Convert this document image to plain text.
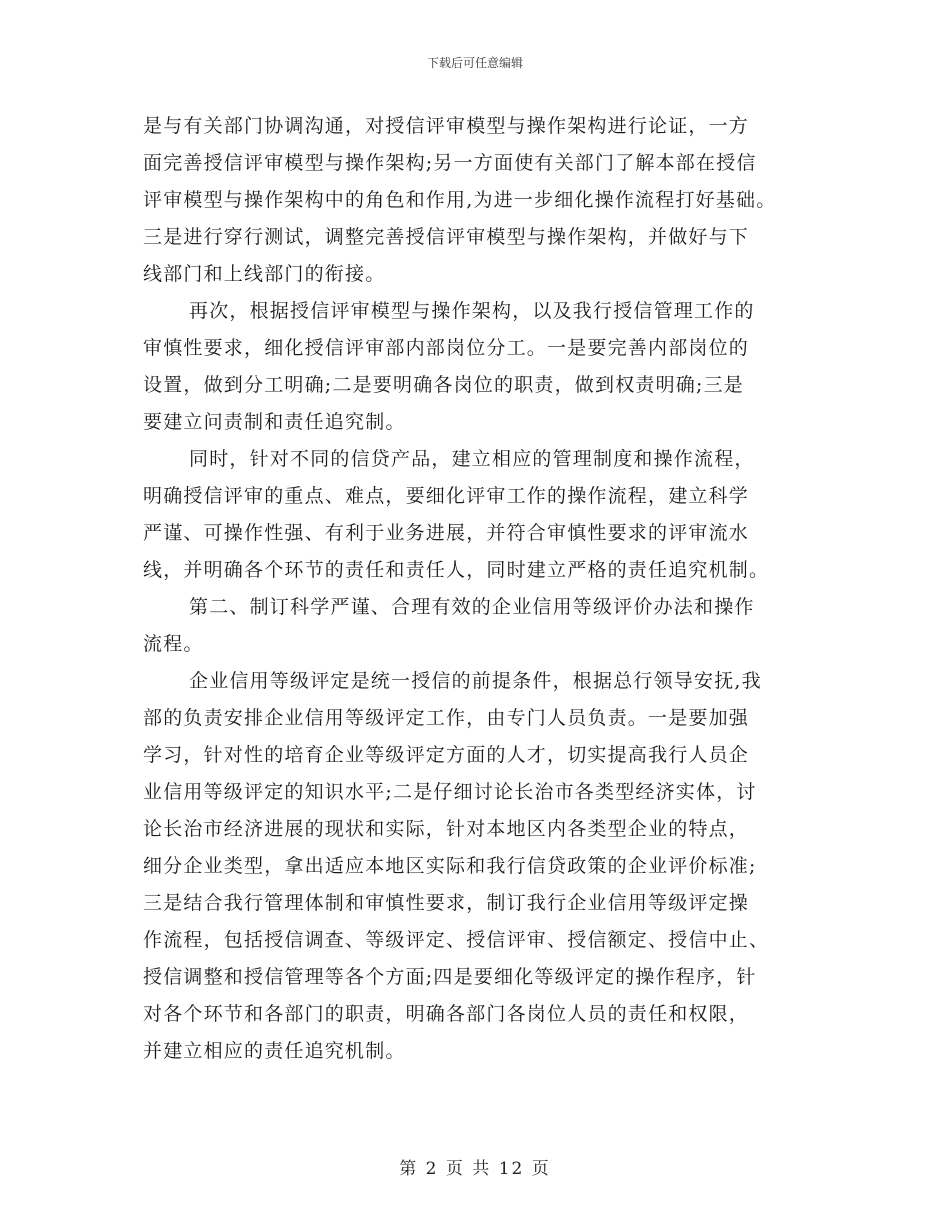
下载后可任意编辑
是与有关部门协调沟通，对授信评审模型与操作架构进行论证，一方
面完善授信评审模型与操作架构;另一方面使有关部门了解本部在授信
评审模型与操作架构中的角色和作用,为进一步细化操作流程打好基础。
三是进行穿行测试，调整完善授信评审模型与操作架构，并做好与下
线部门和上线部门的衔接。
再次，根据授信评审模型与操作架构，以及我行授信管理工作的
审慎性要求，细化授信评审部内部岗位分工。一是要完善内部岗位的
设置，做到分工明确;二是要明确各岗位的职责，做到权责明确;三是
要建立问责制和责任追究制。
同时，针对不同的信贷产品，建立相应的管理制度和操作流程，
明确授信评审的重点、难点，要细化评审工作的操作流程，建立科学
严谨、可操作性强、有利于业务进展，并符合审慎性要求的评审流水
线，并明确各个环节的责任和责任人，同时建立严格的责任追究机制。
第二、制订科学严谨、合理有效的企业信用等级评价办法和操作
流程。
企业信用等级评定是统一授信的前提条件，根据总行领导安抚,我
部的负责安排企业信用等级评定工作，由专门人员负责。一是要加强
学习，针对性的培育企业等级评定方面的人才，切实提高我行人员企
业信用等级评定的知识水平;二是仔细讨论长治市各类型经济实体，讨
论长治市经济进展的现状和实际，针对本地区内各类型企业的特点，
细分企业类型，拿出适应本地区实际和我行信贷政策的企业评价标准;
三是结合我行管理体制和审慎性要求，制订我行企业信用等级评定操
作流程，包括授信调查、等级评定、授信评审、授信额定、授信中止、
授信调整和授信管理等各个方面;四是要细化等级评定的操作程序，针
对各个环节和各部门的职责，明确各部门各岗位人员的责任和权限，
并建立相应的责任追究机制。
第 2 页 共 12 页
